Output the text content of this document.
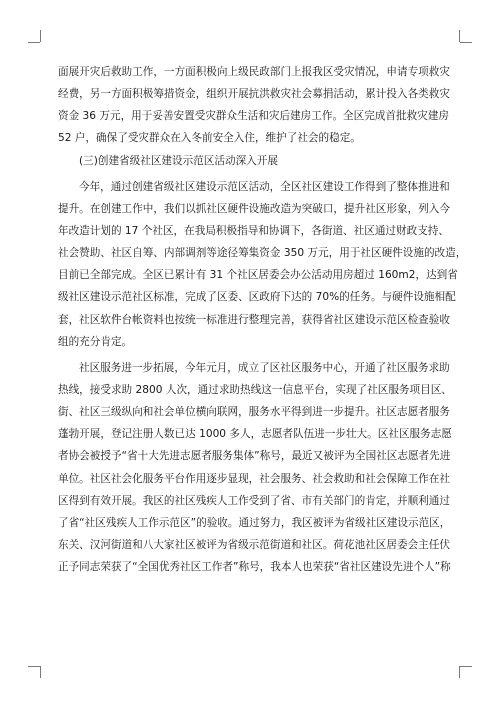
面展开灾后救助工作，一方面积极向上级民政部门上报我区受灾情况，申请专项救灾
经费，另一方面积极筹措资金，组织开展抗洪救灾社会募捐活动，累计投入各类救灾
资金 36 万元，用于妥善安置受灾群众生活和灾后建房工作。全区完成首批救灾建房
52 户，确保了受灾群众在入冬前安全入住，维护了社会的稳定。
(三)创建省级社区建设示范区活动深入开展
今年，通过创建省级社区建设示范区活动，全区社区建设工作得到了整体推进和
提升。在创建工作中，我们以抓社区硬件设施改造为突破口，提升社区形象，列入今
年改造计划的 17 个社区，在我局积极指导和协调下，各街道、社区通过财政支持、
社会赞助、社区自筹、内部调剂等途径筹集资金 350 万元，用于社区硬件设施的改造，
目前已全部完成。全区已累计有 31 个社区居委会办公活动用房超过 160m2，达到省
级社区建设示范社区标准，完成了区委、区政府下达的 70%的任务。与硬件设施相配
套，社区软件台帐资料也按统一标准进行整理完善，获得省社区建设示范区检查验收
组的充分肯定。
社区服务进一步拓展，今年元月，成立了区社区服务中心，开通了社区服务求助
热线，接受求助 2800 人次，通过求助热线这一信息平台，实现了社区服务项目区、
街、社区三级纵向和社会单位横向联网，服务水平得到进一步提升。社区志愿者服务
蓬勃开展，登记注册人数已达 1000 多人，志愿者队伍进一步壮大。区社区服务志愿
者协会被授予“省十大先进志愿者服务集体”称号，最近又被评为全国社区志愿者先进
单位。社区社会化服务平台作用逐步显现，社会服务、社会救助和社会保障工作在社
区得到有效开展。我区的社区残疾人工作受到了省、市有关部门的肯定，并顺利通过
了省“社区残疾人工作示范区”的验收。通过努力，我区被评为省级社区建设示范区，
东关、汉河街道和八大家社区被评为省级示范街道和社区。荷花池社区居委会主任伏
正予同志荣获了“全国优秀社区工作者”称号，我本人也荣获“省社区建设先进个人”称
